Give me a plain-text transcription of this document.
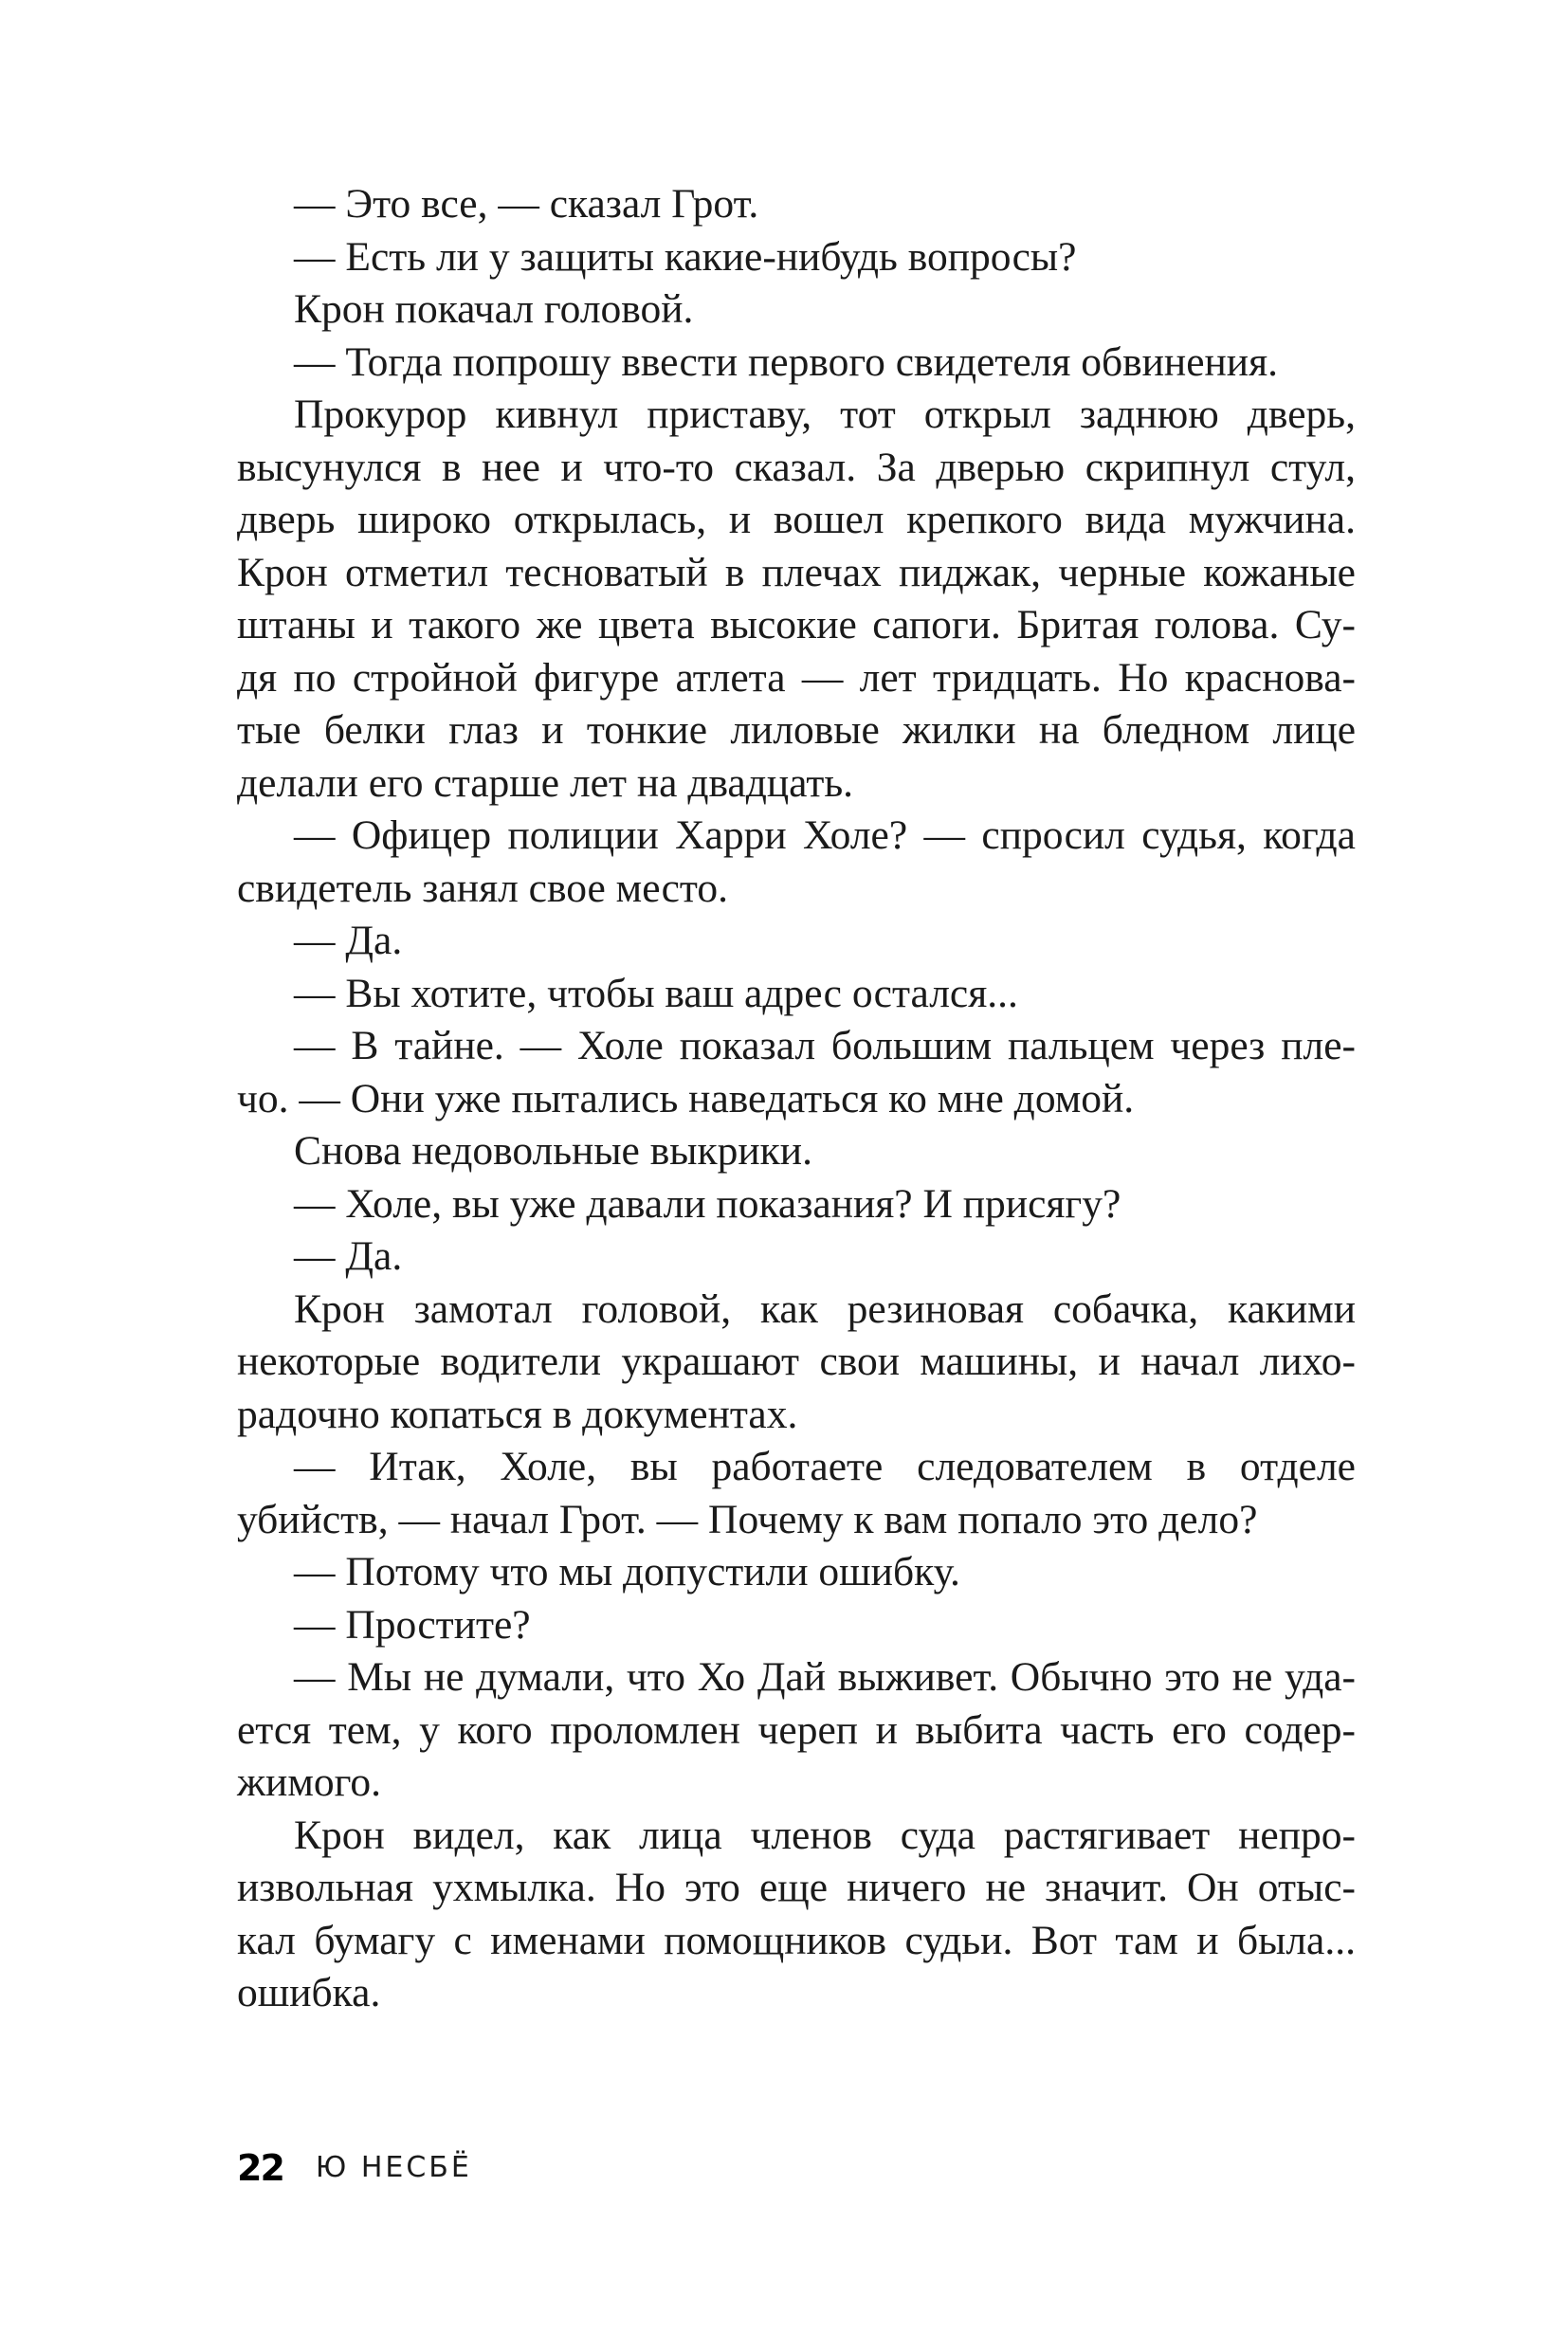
— Это все, — сказал Грот.
— Есть ли у защиты какие-нибудь вопросы?
Крон покачал головой.
— Тогда попрошу ввести первого свидетеля обвинения.
Прокурор кивнул приставу, тот открыл заднюю дверь,
высунулся в нее и что-то сказал. За дверью скрипнул стул,
дверь широко открылась, и вошел крепкого вида мужчина.
Крон отметил тесноватый в плечах пиджак, черные кожаные
штаны и такого же цвета высокие сапоги. Бритая голова. Су-
дя по стройной фигуре атлета — лет тридцать. Но краснова-
тые белки глаз и тонкие лиловые жилки на бледном лице
делали его старше лет на двадцать.
— Офицер полиции Харри Холе? — спросил судья, когда
свидетель занял свое место.
— Да.
— Вы хотите, чтобы ваш адрес остался...
— В тайне. — Холе показал большим пальцем через пле-
чо. — Они уже пытались наведаться ко мне домой.
Снова недовольные выкрики.
— Холе, вы уже давали показания? И присягу?
— Да.
Крон замотал головой, как резиновая собачка, какими
некоторые водители украшают свои машины, и начал лихо-
радочно копаться в документах.
— Итак, Холе, вы работаете следователем в отделе
убийств, — начал Грот. — Почему к вам попало это дело?
— Потому что мы допустили ошибку.
— Простите?
— Мы не думали, что Хо Дай выживет. Обычно это не уда-
ется тем, у кого проломлен череп и выбита часть его содер-
жимого.
Крон видел, как лица членов суда растягивает непро-
извольная ухмылка. Но это еще ничего не значит. Он отыс-
кал бумагу с именами помощников судьи. Вот там и была...
ошибка.
22 Ю НЕСБЁ
